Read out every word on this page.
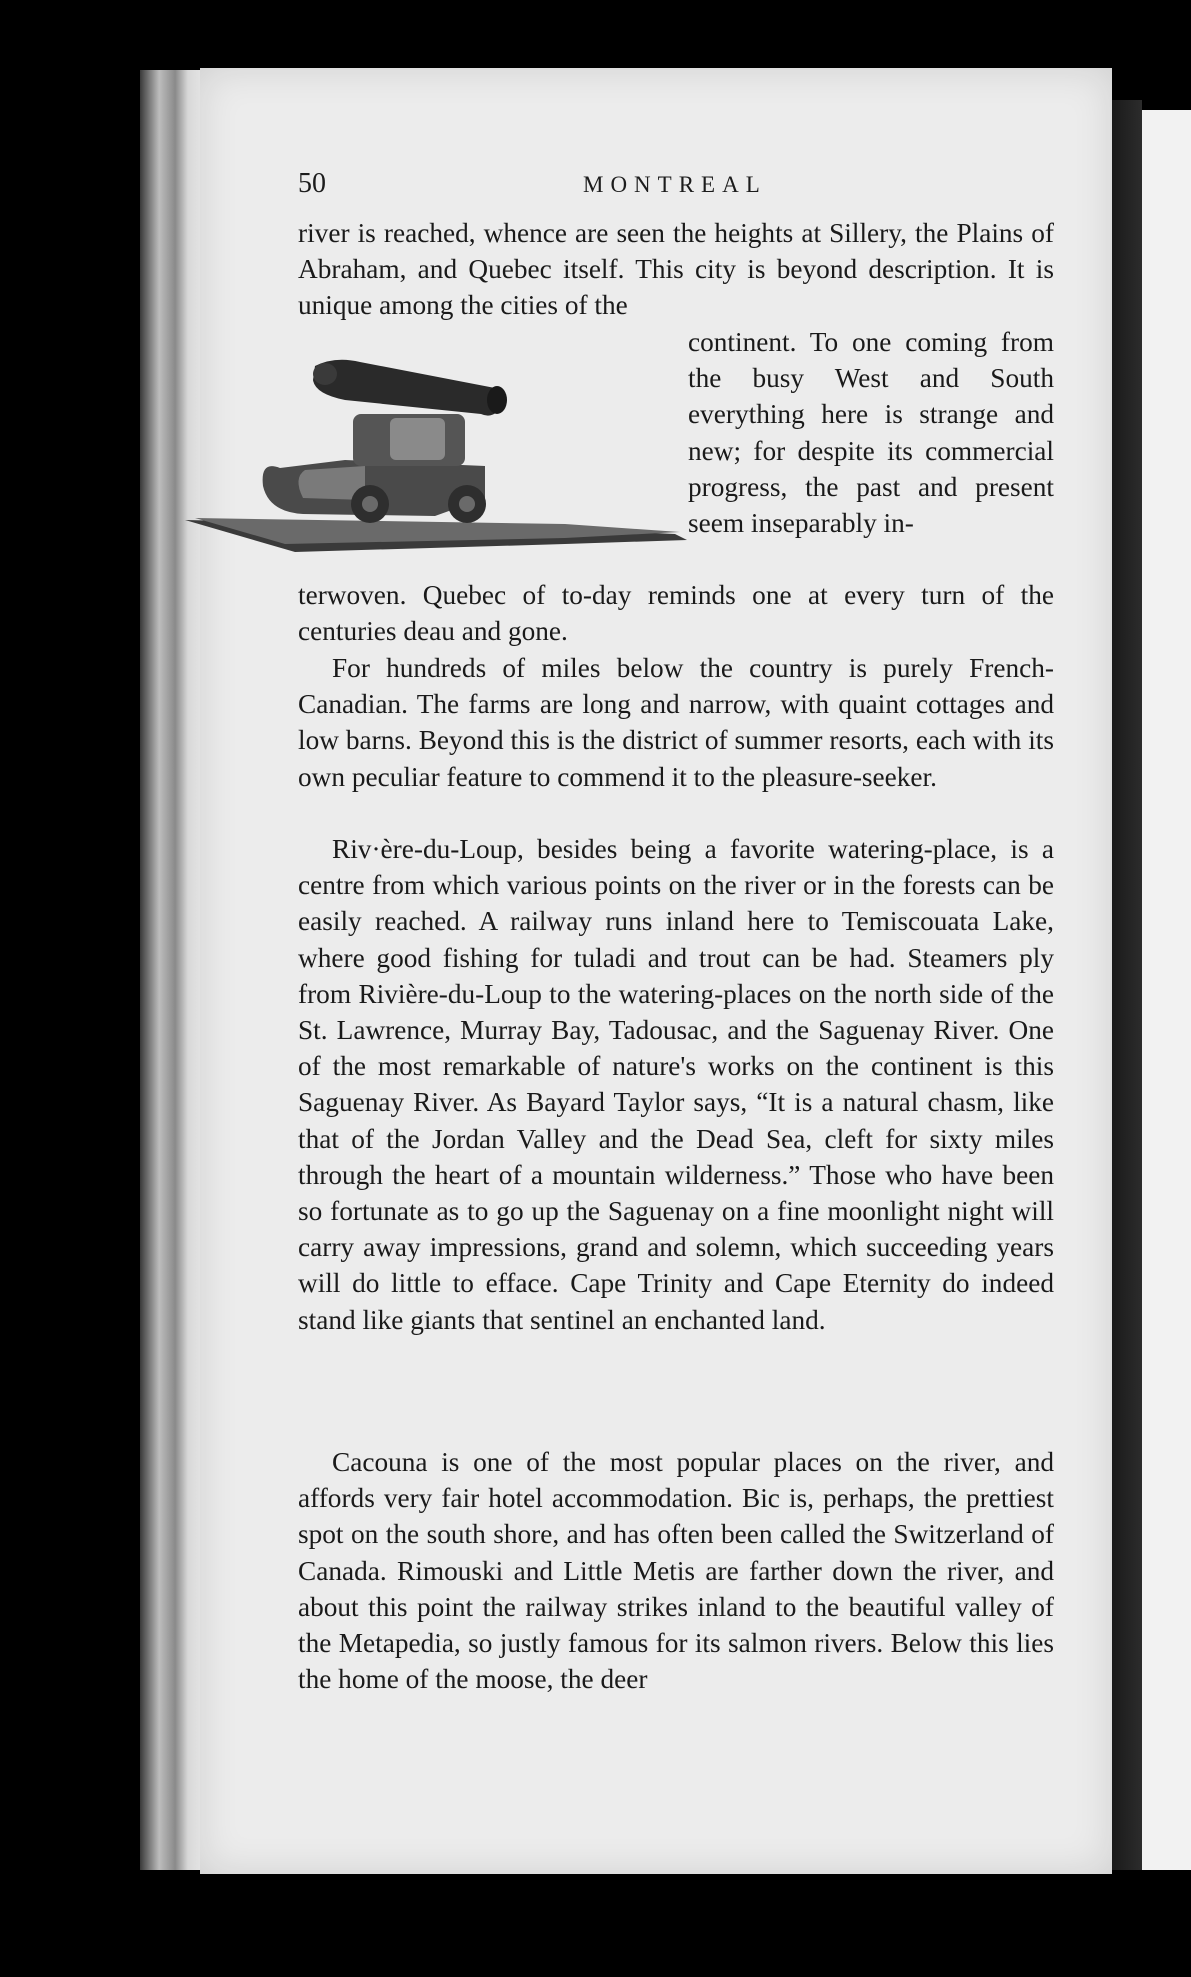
50	MONTREAL

river is reached, whence are seen the heights at Sillery, the Plains of Abraham, and Quebec itself. This city is beyond description. It is unique among the cities of the

continent. To one coming from the busy West and South everything here is strange and new; for despite its commercial progress, the past and present seem inseparably in-

terwoven. Quebec of to-day reminds one at every turn of the centuries deau and gone.

For hundreds of miles below the country is purely French-Canadian. The farms are long and narrow, with quaint cottages and low barns. Beyond this is the district of summer resorts, each with its own peculiar feature to commend it to the pleasure-seeker.

Riv·ère-du-Loup, besides being a favorite watering-place, is a centre from which various points on the river or in the forests can be easily reached. A railway runs inland here to Temiscouata Lake, where good fishing for tuladi and trout can be had. Steamers ply from Rivière-du-Loup to the watering-places on the north side of the St. Lawrence, Murray Bay, Tadousac, and the Saguenay River. One of the most remarkable of nature's works on the continent is this Saguenay River. As Bayard Taylor says, “It is a natural chasm, like that of the Jordan Valley and the Dead Sea, cleft for sixty miles through the heart of a mountain wilderness.” Those who have been so fortunate as to go up the Saguenay on a fine moonlight night will carry away impressions, grand and solemn, which succeeding years will do little to efface. Cape Trinity and Cape Eternity do indeed stand like giants that sentinel an enchanted land.

Cacouna is one of the most popular places on the river, and affords very fair hotel accommodation. Bic is, perhaps, the prettiest spot on the south shore, and has often been called the Switzerland of Canada. Rimouski and Little Metis are farther down the river, and about this point the railway strikes inland to the beautiful valley of the Metapedia, so justly famous for its salmon rivers. Below this lies the home of the moose, the deer
